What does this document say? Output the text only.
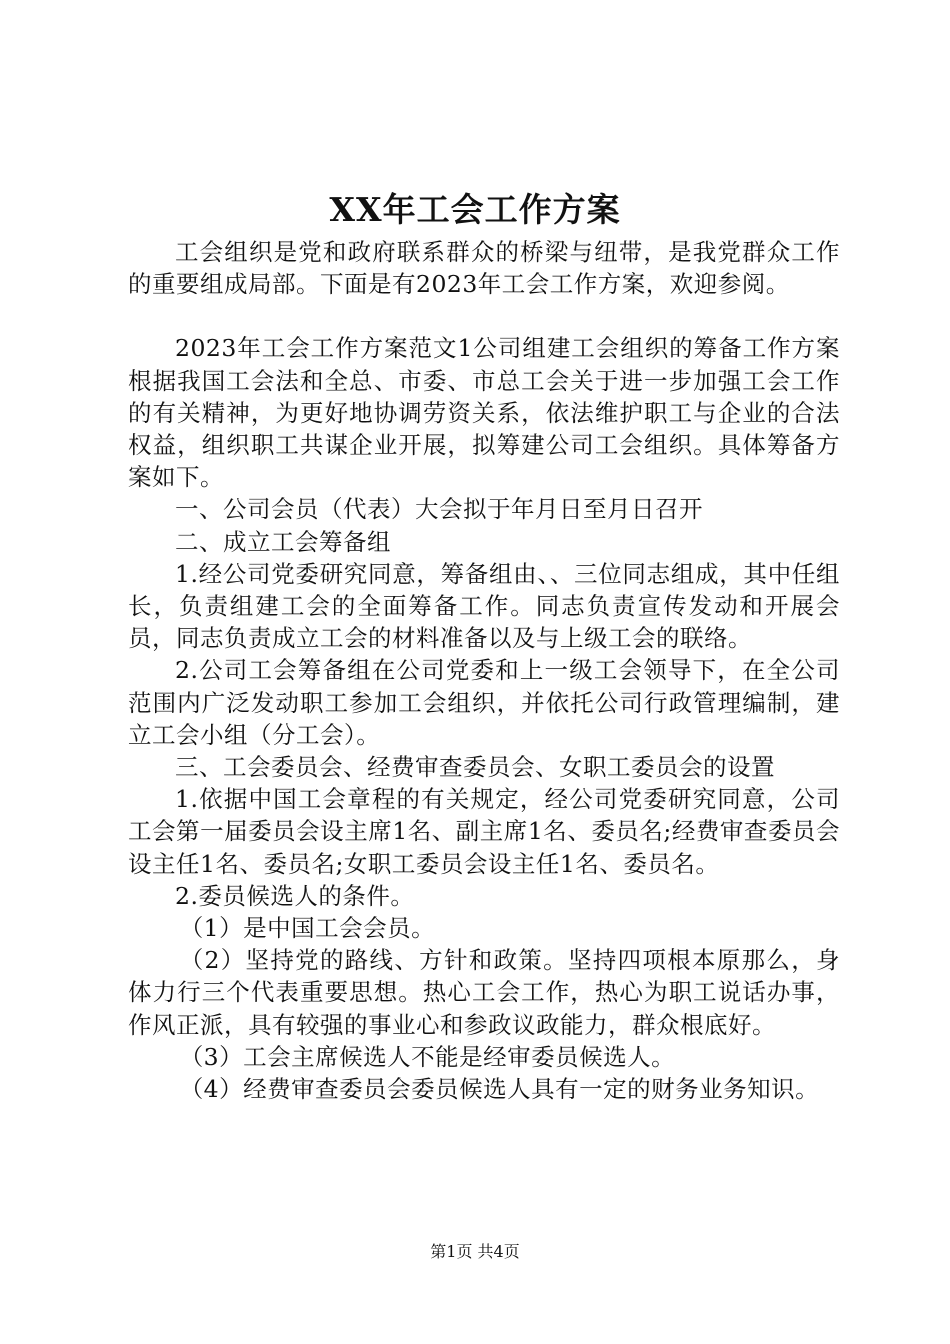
XX年工会工作方案

工会组织是党和政府联系群众的桥梁与纽带，是我党群众工作的重要组成局部。下面是有2023年工会工作方案，欢迎参阅。

2023年工会工作方案范文1公司组建工会组织的筹备工作方案根据我国工会法和全总、市委、市总工会关于进一步加强工会工作的有关精神，为更好地协调劳资关系，依法维护职工与企业的合法权益，组织职工共谋企业开展，拟筹建公司工会组织。具体筹备方案如下。

一、公司会员（代表）大会拟于年月日至月日召开

二、成立工会筹备组

1.经公司党委研究同意，筹备组由、、三位同志组成，其中任组长，负责组建工会的全面筹备工作。同志负责宣传发动和开展会员，同志负责成立工会的材料准备以及与上级工会的联络。

2.公司工会筹备组在公司党委和上一级工会领导下，在全公司范围内广泛发动职工参加工会组织，并依托公司行政管理编制，建立工会小组（分工会）。

三、工会委员会、经费审查委员会、女职工委员会的设置

1.依据中国工会章程的有关规定，经公司党委研究同意，公司工会第一届委员会设主席1名、副主席1名、委员名;经费审查委员会设主任1名、委员名;女职工委员会设主任1名、委员名。

2.委员候选人的条件。

（1）是中国工会会员。

（2）坚持党的路线、方针和政策。坚持四项根本原那么，身体力行三个代表重要思想。热心工会工作，热心为职工说话办事，作风正派，具有较强的事业心和参政议政能力，群众根底好。

（3）工会主席候选人不能是经审委员候选人。

（4）经费审查委员会委员候选人具有一定的财务业务知识。

第1页 共4页
